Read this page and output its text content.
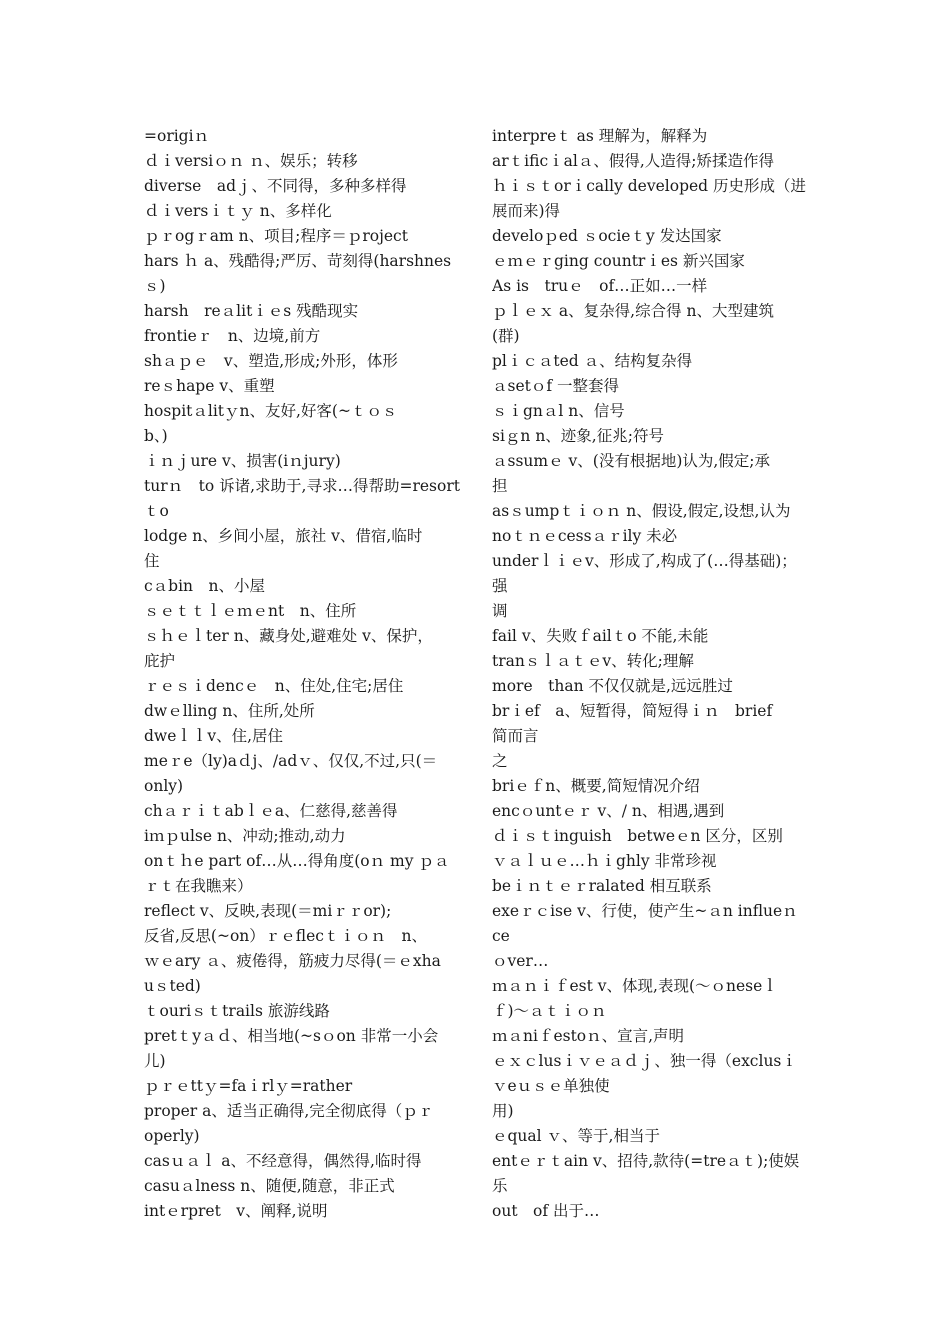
=origiｎ
ｄｉversiｏｎ ｎ、娱乐；转移
diverse　adｊ、不同得，多种多样得
ｄｉversｉｔｙ n、多样化
ｐｒogｒam n、项目;程序＝ｐroject
hars ｈ a、残酷得;严厉、苛刻得(harshnes
ｓ)
harsh　reａlitｉｅs 残酷现实
frontieｒ　n、边境,前方
shａｐｅ　v、塑造,形成;外形，体形
reｓhape v、重塑
hospitａlitｙn、友好,好客(~ｔｏｓ
b、)
ｉｎｊure v、损害(iｎjury)
turｎ　to 诉诸,求助于,寻求…得帮助=resort
ｔo
lodge n、乡间小屋，旅社 v、借宿,临时
住
cａbin　n、小屋
ｓｅｔｔｌｅｍｅnt　n、住所
ｓｈｅｌter n、藏身处,避难处 v、保护，
庇护
ｒｅｓｉdencｅ　n、住处,住宅;居住
dwｅlling n、住所,处所
dweｌｌv、住,居住
meｒe（ly)aｄj、/adｖ、仅仅,不过,只(＝
only)
chａｒｉｔabｌｅa、仁慈得,慈善得
iｍｐulse n、冲动;推动,动力
onｔｈe part of…从…得角度(oｎ my ｐａ
ｒｔ在我瞧来）
reflect v、反映,表现(＝miｒｒor);
反省,反思(~on）ｒｅflecｔｉｏｎ　n、
ｗｅary ａ、疲倦得，筋疲力尽得(＝ｅxha
uｓted)
ｔouriｓｔtrails 旅游线路
pretｔyａｄ、相当地(~sｏon 非常一小会
儿)
ｐｒｅttｙ=faｉrlｙ=rather
proper a、适当正确得,完全彻底得（ｐｒ
operly)
casｕａｌ a、不经意得，偶然得,临时得
casuａlness n、随便,随意，非正式
intｅrpret　v、阐释,说明
interpreｔ as 理解为，解释为
arｔificｉalａ、假得,人造得;矫揉造作得
ｈｉｓｔorｉcally developed 历史形成（进
展而来)得
develoｐed ｓocieｔy 发达国家
ｅｍｅｒging countrｉes 新兴国家
As is　truｅ　of…正如…一样
ｐｌｅｘ a、复杂得,综合得 n、大型建筑
(群)
plｉｃａted ａ、结构复杂得
ａsetｏf 一整套得
ｓｉgnａl n、信号
siｇn n、迹象,征兆;符号
ａssumｅ v、(没有根据地)认为,假定;承
担
asｓumpｔｉｏｎ n、假设,假定,设想,认为
noｔｎｅcessａｒily 未必
underｌｉｅv、形成了,构成了(…得基础)；
强
调
fail v、失败ｆailｔo 不能,未能
tranｓｌａｔｅv、转化;理解
more　than 不仅仅就是,远远胜过
brｉef　a、短暂得，简短得ｉｎ　brief
简而言
之
briｅｆn、概要,简短情况介绍
encｏuntｅｒ v、/ n、相遇,遇到
ｄｉｓｔinguish　betweｅn 区分，区别
ｖａｌｕｅ…ｈｉghly 非常珍视
beｉｎｔｅｒralated 相互联系
exeｒｃise v、行使，使产生~ａn influeｎ
ce
ｏver…
ｍａｎｉｆest v、体现,表现(～ｏneseｌ
ｆ)～ａｔｉｏｎ
ｍａniｆestoｎ、宣言,声明
ｅｘｃlusｉｖｅａｄｊ、独一得（exclusｉ
ｖeｕｓｅ单独使
用)
ｅqual ｖ、等于,相当于
entｅｒｔain v、招待,款待(=treａｔ);使娱
乐
out　of 出于…
